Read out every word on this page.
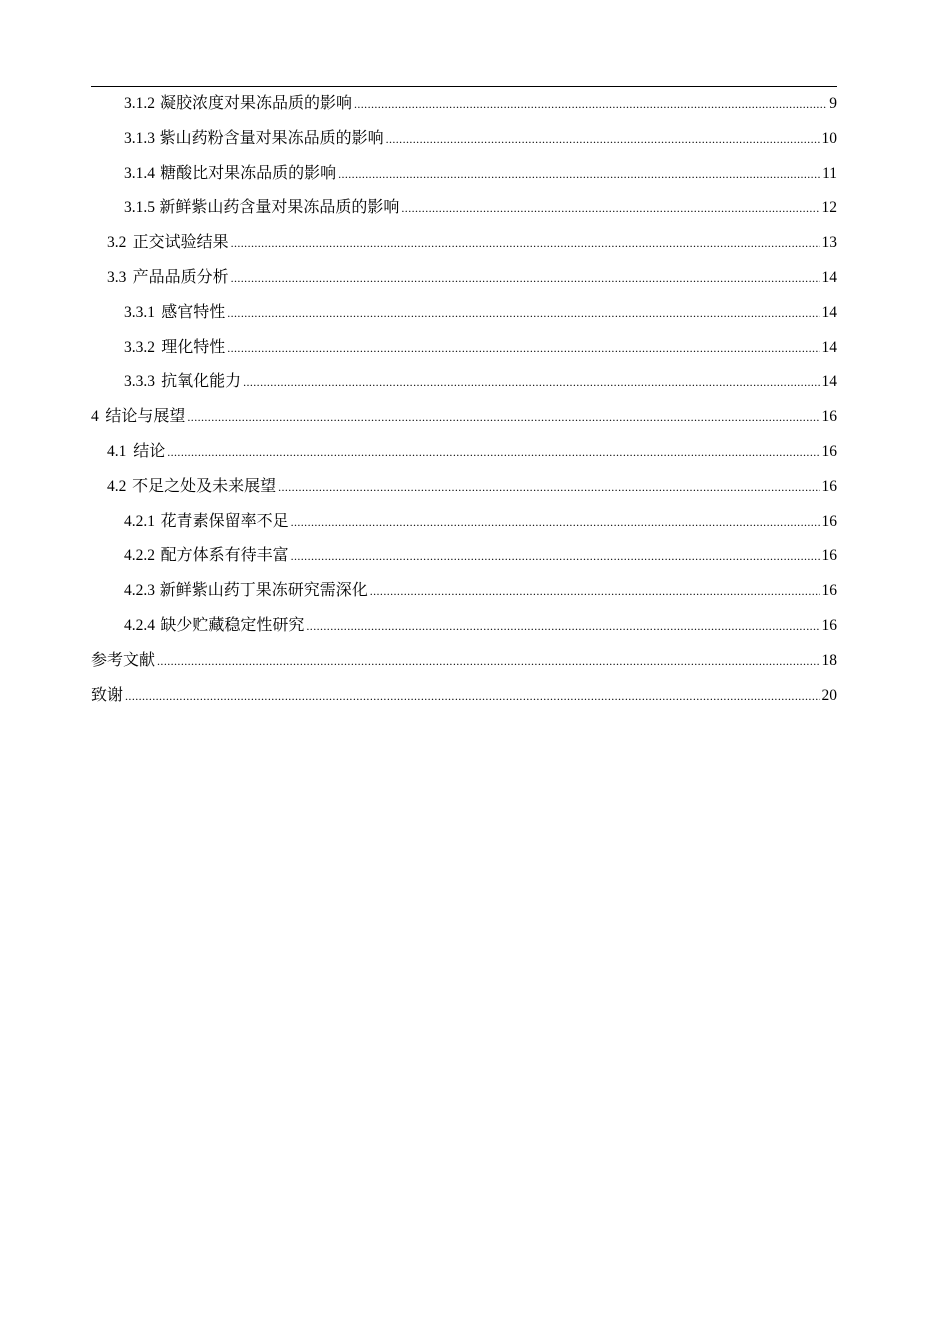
3.1.2 凝胶浓度对果冻品质的影响 .....	9
3.1.3 紫山药粉含量对果冻品质的影响 .....	10
3.1.4 糖酸比对果冻品质的影响 .....	11
3.1.5 新鲜紫山药含量对果冻品质的影响 .....	12
3.2 正交试验结果 .....	13
3.3 产品品质分析 .....	14
3.3.1 感官特性 .....	14
3.3.2 理化特性 .....	14
3.3.3 抗氧化能力 .....	14
4 结论与展望 .....	16
4.1 结论 .....	16
4.2 不足之处及未来展望 .....	16
4.2.1 花青素保留率不足 .....	16
4.2.2 配方体系有待丰富 .....	16
4.2.3 新鲜紫山药丁果冻研究需深化 .....	16
4.2.4 缺少贮藏稳定性研究 .....	16
参考文献 .....	18
致谢 .....	20
